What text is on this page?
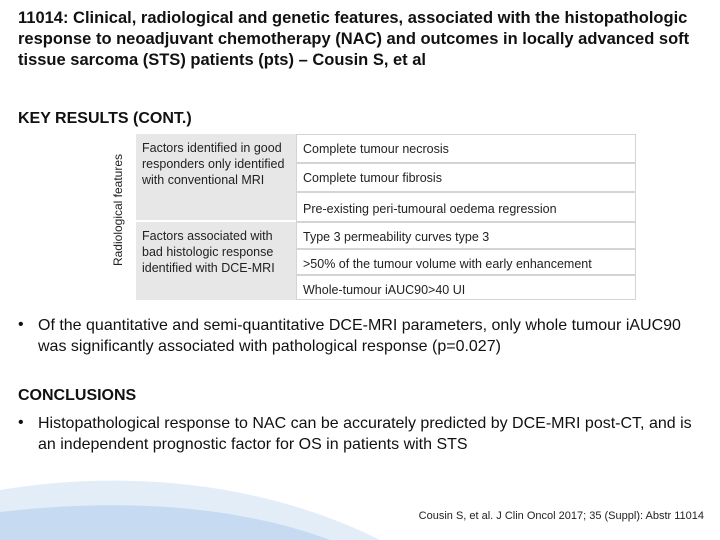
11014: Clinical, radiological and genetic features, associated with the histopathologic response to neoadjuvant chemotherapy (NAC) and outcomes in locally advanced soft tissue sarcoma (STS) patients (pts) – Cousin S, et al
KEY RESULTS (CONT.)
Radiological features
Factors identified in good responders only identified with conventional MRI
Complete tumour necrosis
Complete tumour fibrosis
Pre-existing peri-tumoural oedema regression
Factors associated with bad histologic response identified with DCE-MRI
Type 3 permeability curves type 3
>50% of the tumour volume with early enhancement
Whole-tumour iAUC90>40 UI
• Of the quantitative and semi-quantitative DCE-MRI parameters, only whole tumour iAUC90 was significantly associated with pathological response (p=0.027)
CONCLUSIONS
• Histopathological response to NAC can be accurately predicted by DCE-MRI post-CT, and is an independent prognostic factor for OS in patients with STS
Cousin S, et al. J Clin Oncol 2017; 35 (Suppl): Abstr 11014
